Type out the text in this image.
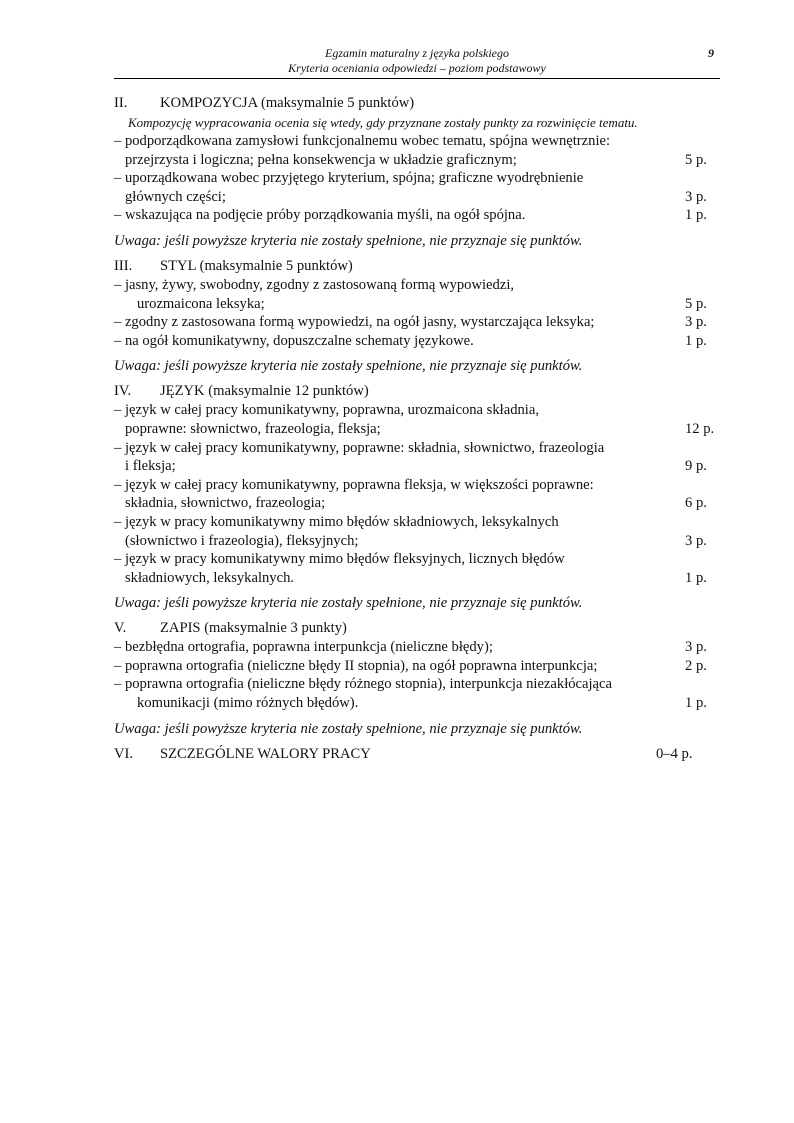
Egzamin maturalny z języka polskiego
Kryteria oceniania odpowiedzi – poziom podstawowy
9
II.	KOMPOZYCJA (maksymalnie 5 punktów)
Kompozycję wypracowania ocenia się wtedy, gdy przyznane zostały punkty za rozwinięcie tematu.
– podporządkowana zamysłowi funkcjonalnemu wobec tematu, spójna wewnętrznie:
przejrzysta i logiczna; pełna konsekwencja w układzie graficznym;	5 p.
– uporządkowana wobec przyjętego kryterium, spójna; graficzne wyodrębnienie
głównych części;	3 p.
– wskazująca na podjęcie próby porządkowania myśli, na ogół spójna.	1 p.
Uwaga: jeśli powyższe kryteria nie zostały spełnione, nie przyznaje się punktów.
III.	STYL (maksymalnie 5 punktów)
– jasny, żywy, swobodny, zgodny z zastosowaną formą wypowiedzi,
urozmaicona leksyka;	5 p.
– zgodny z zastosowana formą wypowiedzi, na ogół jasny, wystarczająca leksyka;	3 p.
– na ogół komunikatywny, dopuszczalne schematy językowe.	1 p.
Uwaga: jeśli powyższe kryteria nie zostały spełnione, nie przyznaje się punktów.
IV.	JĘZYK (maksymalnie 12 punktów)
– język w całej pracy komunikatywny, poprawna, urozmaicona składnia,
poprawne: słownictwo, frazeologia, fleksja;	12 p.
– język w całej pracy komunikatywny, poprawne: składnia, słownictwo, frazeologia
i fleksja;	9 p.
– język w całej pracy komunikatywny, poprawna fleksja, w większości poprawne:
składnia, słownictwo, frazeologia;	6 p.
– język w pracy komunikatywny mimo błędów składniowych, leksykalnych
(słownictwo i frazeologia), fleksyjnych;	3 p.
– język w pracy komunikatywny mimo błędów fleksyjnych, licznych błędów
składniowych, leksykalnych.	1 p.
Uwaga: jeśli powyższe kryteria nie zostały spełnione, nie przyznaje się punktów.
V.	ZAPIS (maksymalnie 3 punkty)
– bezbłędna ortografia, poprawna interpunkcja (nieliczne błędy);	3 p.
– poprawna ortografia (nieliczne błędy II stopnia), na ogół poprawna interpunkcja;	2 p.
– poprawna ortografia (nieliczne błędy różnego stopnia), interpunkcja niezakłócająca
komunikacji (mimo różnych błędów).	1 p.
Uwaga: jeśli powyższe kryteria nie zostały spełnione, nie przyznaje się punktów.
VI.	SZCZEGÓLNE WALORY PRACY	0–4 p.
